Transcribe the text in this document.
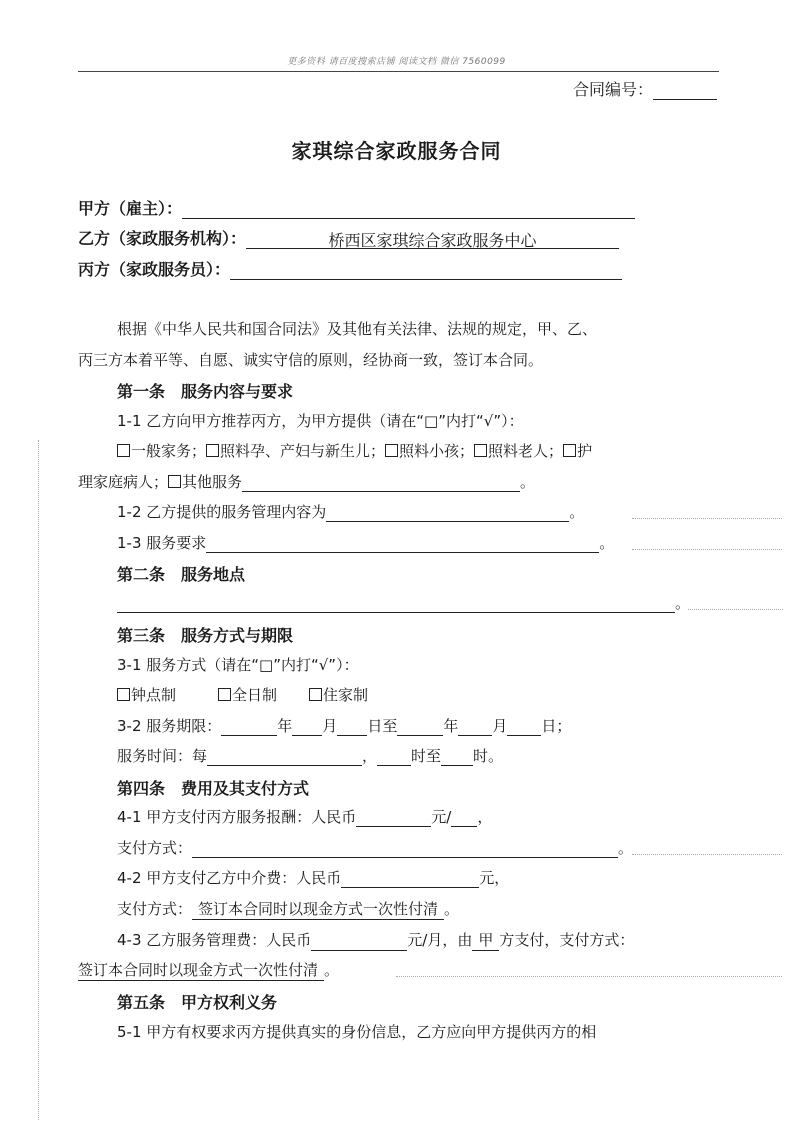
更多资料 请百度搜索店铺 阅读文档 微信 7560099
合同编号：
家琪综合家政服务合同
甲方（雇主）：
乙方（家政服务机构）：	桥西区家琪综合家政服务中心
丙方（家政服务员）：
根据《中华人民共和国合同法》及其他有关法律、法规的规定，甲、乙、
丙三方本着平等、自愿、诚实守信的原则，经协商一致，签订本合同。
第一条　服务内容与要求
1-1 乙方向甲方推荐丙方，为甲方提供（请在“□”内打“√”）：
一般家务； 照料孕、产妇与新生儿； 照料小孩； 照料老人； 护
理家庭病人； 其他服务	。
1-2 乙方提供的服务管理内容为	。
1-3 服务要求	。
第二条　服务地点
。
第三条　服务方式与期限
3-1 服务方式（请在“□”内打“√”）：
钟点制	全日制	住家制
3-2 服务期限：	年 月 日至	年 月 日；
服务时间：每	， 时至 时。
第四条　费用及其支付方式
4-1 甲方支付丙方服务报酬：人民币	元/ ，
支付方式：	。
4-2 甲方支付乙方中介费：人民币	元，
支付方式： 签订本合同时以现金方式一次性付清 。
4-3 乙方服务管理费：人民币	元/月，由 甲 方支付，支付方式：
签订本合同时以现金方式一次性付清 。
第五条　甲方权利义务
5-1 甲方有权要求丙方提供真实的身份信息，乙方应向甲方提供丙方的相
